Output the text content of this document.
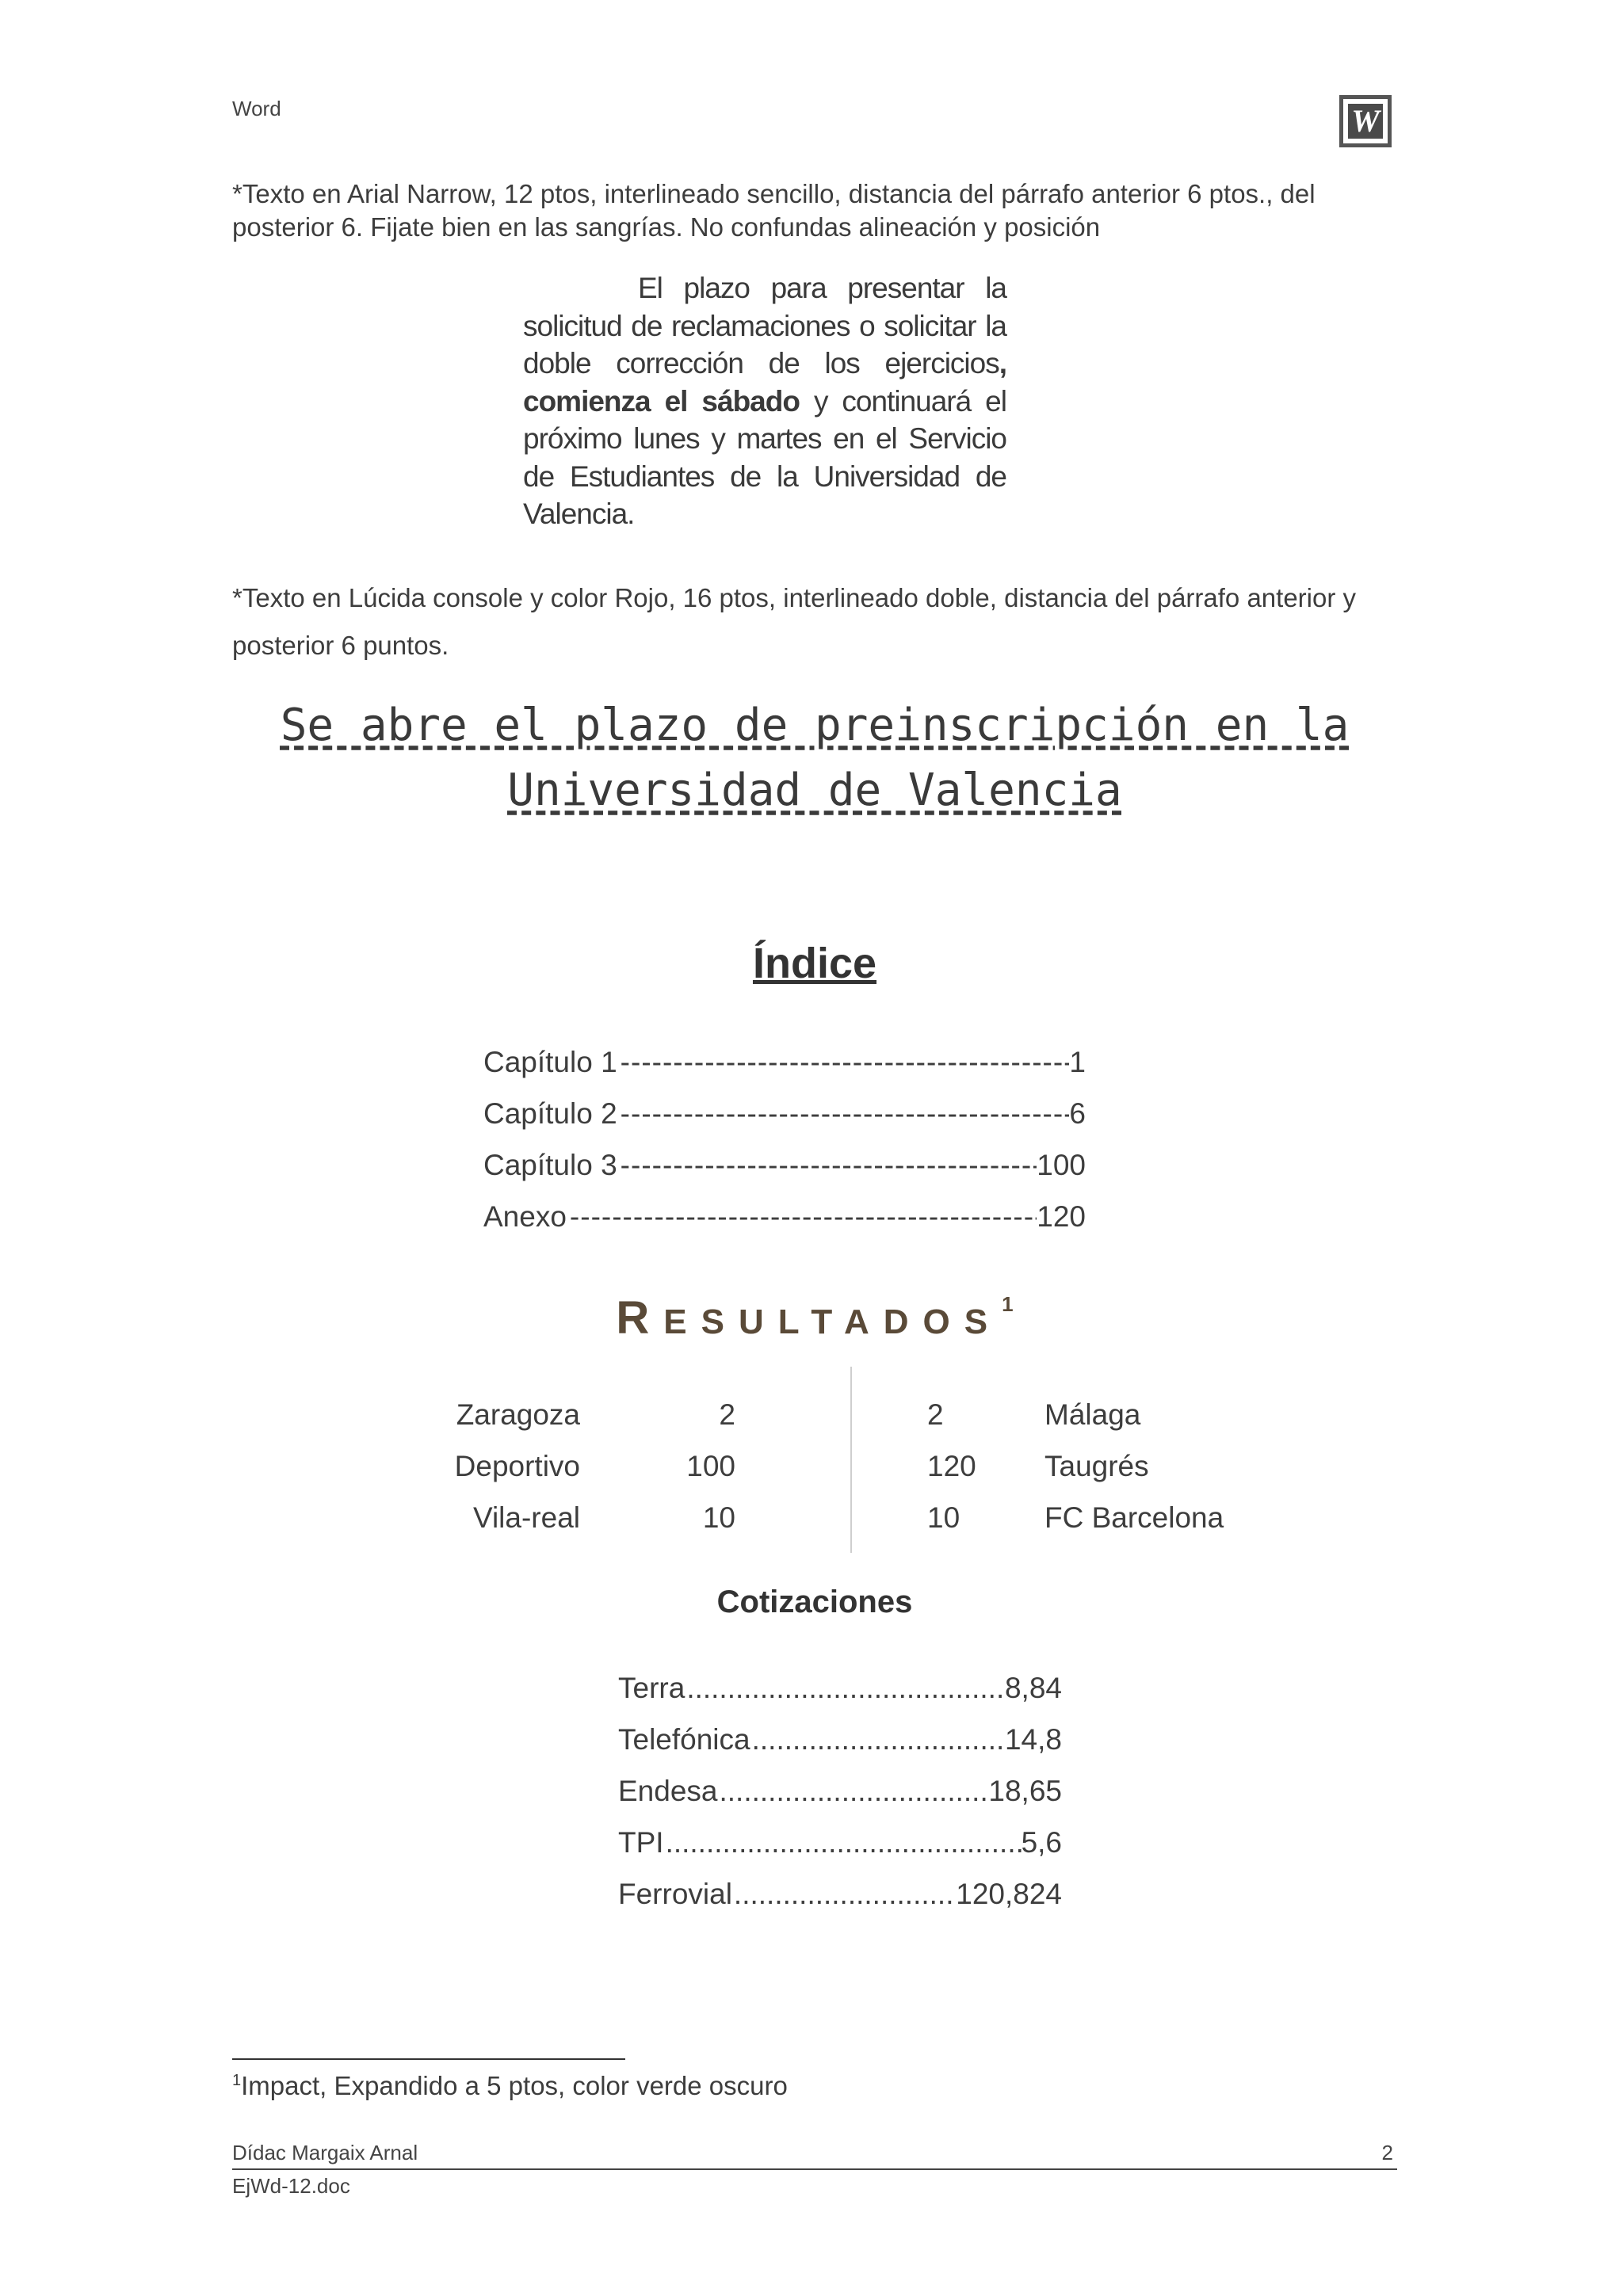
Word	W
*Texto en Arial Narrow, 12 ptos, interlineado sencillo, distancia del párrafo anterior 6 ptos., del posterior 6. Fijate bien en las sangrías. No confundas alineación y posición
El plazo para presentar la solicitud de reclamaciones o solicitar la doble corrección de los ejercicios, comienza el sábado y continuará el próximo lunes y martes en el Servicio de Estudiantes de la Universidad de Valencia.
*Texto en Lúcida console y color Rojo, 16 ptos, interlineado doble, distancia del párrafo anterior y posterior 6 puntos.
Se abre el plazo de preinscripción en la Universidad de Valencia
Índice
Capítulo 1 -----	1
Capítulo 2 -----	6
Capítulo 3 -----	100
Anexo -----	120
RESULTADOS$^1$
Zaragoza	2	2	Málaga
Deportivo	100	120 Taugrés
Vila-real	10	10	FC Barcelona
Cotizaciones
Terra .....	8,84
Telefónica .....	14,8
Endesa .....	18,65
TPI .....	5,6
Ferrovial .....	120,824
$^1$Impact, Expandido a 5 ptos, color verde oscuro
Dídac Margaix Arnal	2
EjWd-12.doc
